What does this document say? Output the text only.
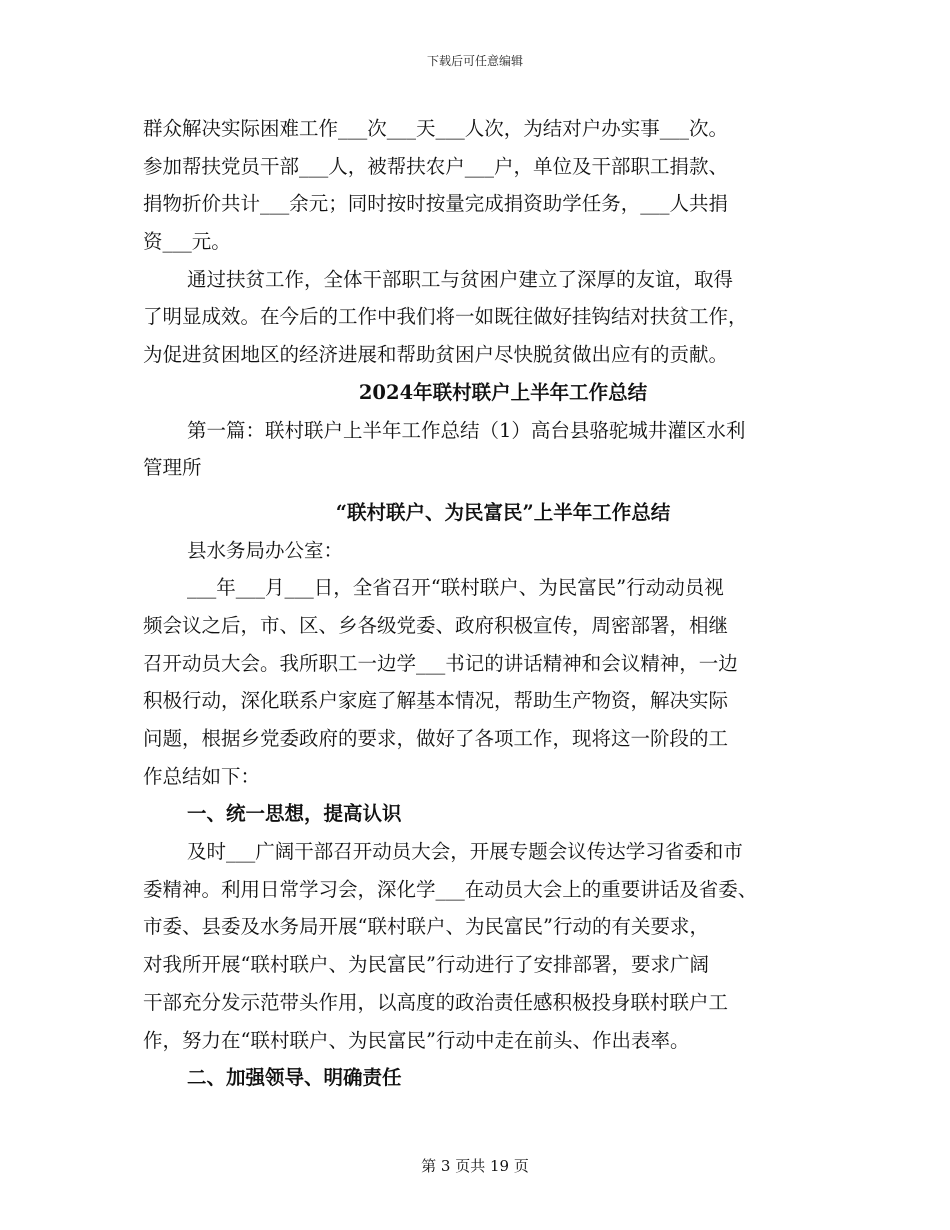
下载后可任意编辑
群众解决实际困难工作___次___天___人次，为结对户办实事___次。
参加帮扶党员干部___人，被帮扶农户___户，单位及干部职工捐款、
捐物折价共计___余元；同时按时按量完成捐资助学任务，___人共捐
资___元。
通过扶贫工作，全体干部职工与贫困户建立了深厚的友谊，取得
了明显成效。在今后的工作中我们将一如既往做好挂钩结对扶贫工作，
为促进贫困地区的经济进展和帮助贫困户尽快脱贫做出应有的贡献。
2024年联村联户上半年工作总结
第一篇：联村联户上半年工作总结（1）高台县骆驼城井灌区水利
管理所
“联村联户、为民富民”上半年工作总结
县水务局办公室：
___年___月___日，全省召开“联村联户、为民富民”行动动员视
频会议之后，市、区、乡各级党委、政府积极宣传，周密部署，相继
召开动员大会。我所职工一边学___书记的讲话精神和会议精神，一边
积极行动，深化联系户家庭了解基本情况，帮助生产物资，解决实际
问题，根据乡党委政府的要求，做好了各项工作，现将这一阶段的工
作总结如下：
一、统一思想，提高认识
及时___广阔干部召开动员大会，开展专题会议传达学习省委和市
委精神。利用日常学习会，深化学___在动员大会上的重要讲话及省委、
市委、县委及水务局开展“联村联户、为民富民”行动的有关要求，
对我所开展“联村联户、为民富民”行动进行了安排部署，要求广阔
干部充分发示范带头作用，以高度的政治责任感积极投身联村联户工
作，努力在“联村联户、为民富民”行动中走在前头、作出表率。
二、加强领导、明确责任
第 3 页共 19 页
